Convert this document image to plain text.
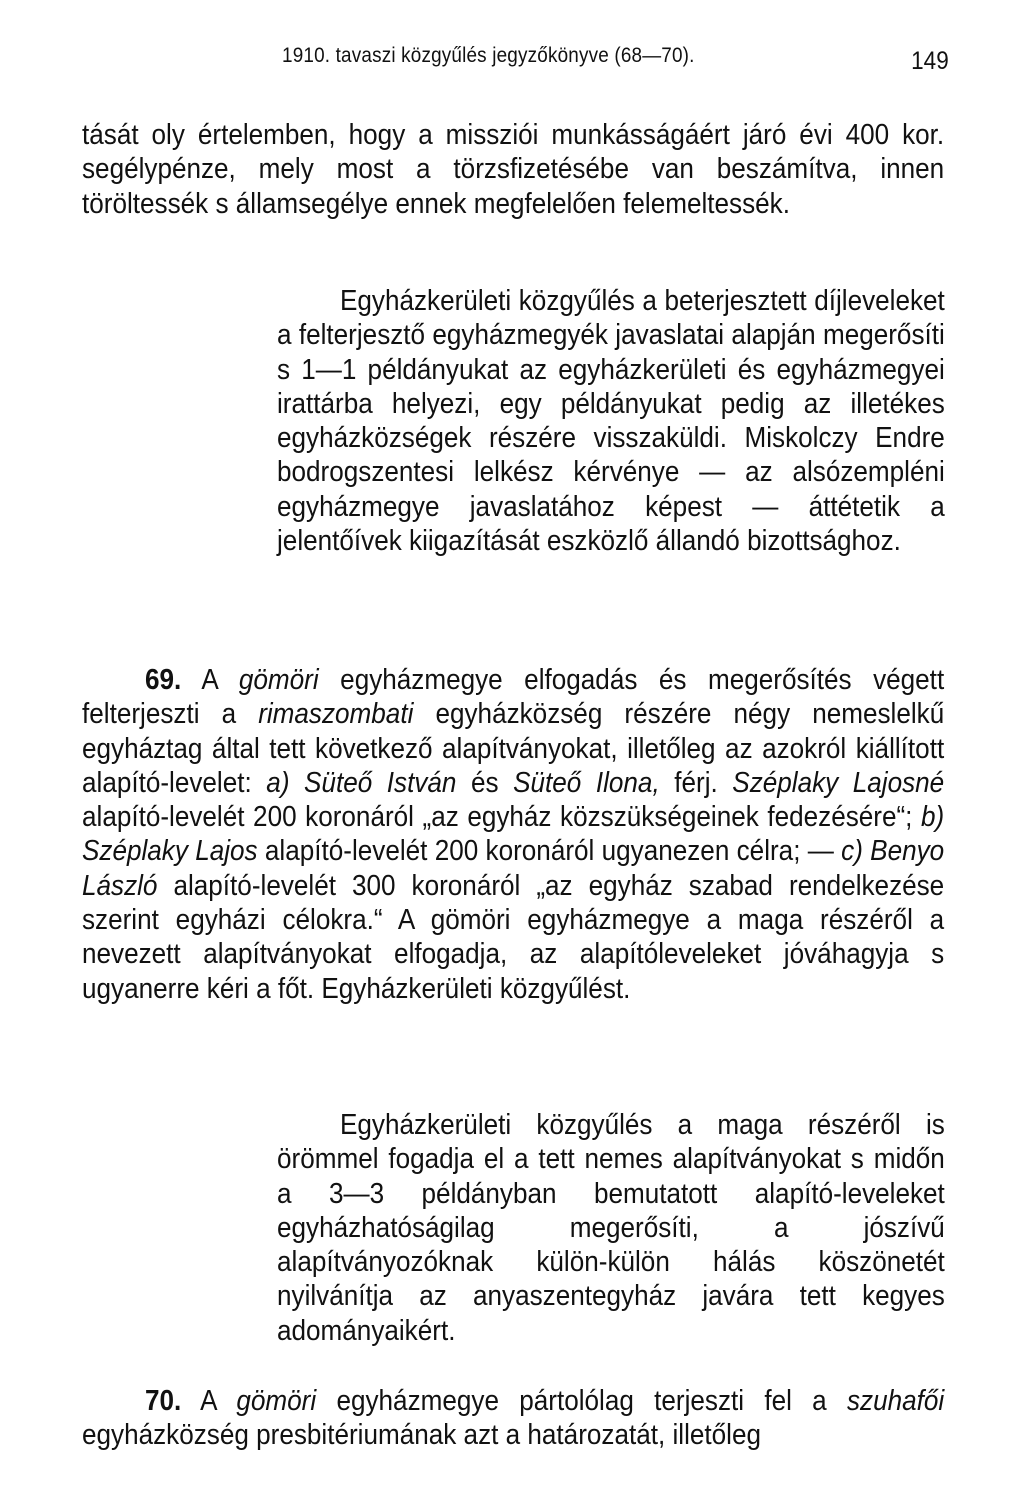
1910. tavaszi közgyűlés jegyzőkönyve (68—70).	149

tását oly értelemben, hogy a missziói munkásságáért járó évi 400 kor. segélypénze, mely most a törzsfizetésébe van beszámítva, innen töröltessék s államsegélye ennek megfelelően felemeltessék.

Egyházkerületi közgyűlés a beterjesztett díjleveleket a felterjesztő egyházmegyék javaslatai alapján megerősíti s 1—1 példányukat az egyházkerületi és egyházmegyei irattárba helyezi, egy példányukat pedig az illetékes egyházközségek részére visszaküldi. Miskolczy Endre bodrogszentesi lelkész kérvénye — az alsózempléni egyházmegye javaslatához képest — áttétetik a jelentőívek kiigazítását eszközlő állandó bizottsághoz.

69. A gömöri egyházmegye elfogadás és megerősítés végett felterjeszti a rimaszombati egyházközség részére négy nemeslelkű egyháztag által tett következő alapítványokat, illetőleg az azokról kiállított alapító-levelet: a) Süteő István és Süteő Ilona, férj. Széplaky Lajosné alapító-levelét 200 koronáról „az egyház közszükségeinek fedezésére“; b) Széplaky Lajos alapító-levelét 200 koronáról ugyanezen célra; — c) Benyo László alapító-levelét 300 koronáról „az egyház szabad rendelkezése szerint egyházi célokra.“ A gömöri egyházmegye a maga részéről a nevezett alapítványokat elfogadja, az alapítóleveleket jóváhagyja s ugyanerre kéri a főt. Egyházkerületi közgyűlést.

Egyházkerületi közgyűlés a maga részéről is örömmel fogadja el a tett nemes alapítványokat s midőn a 3—3 példányban bemutatott alapító-leveleket egyházhatóságilag megerősíti, a jószívű alapítványozóknak külön-külön hálás köszönetét nyilvánítja az anyaszentegyház javára tett kegyes adományaikért.

70. A gömöri egyházmegye pártolólag terjeszti fel a szuhafői egyházközség presbitériumának azt a határozatát, illetőleg
